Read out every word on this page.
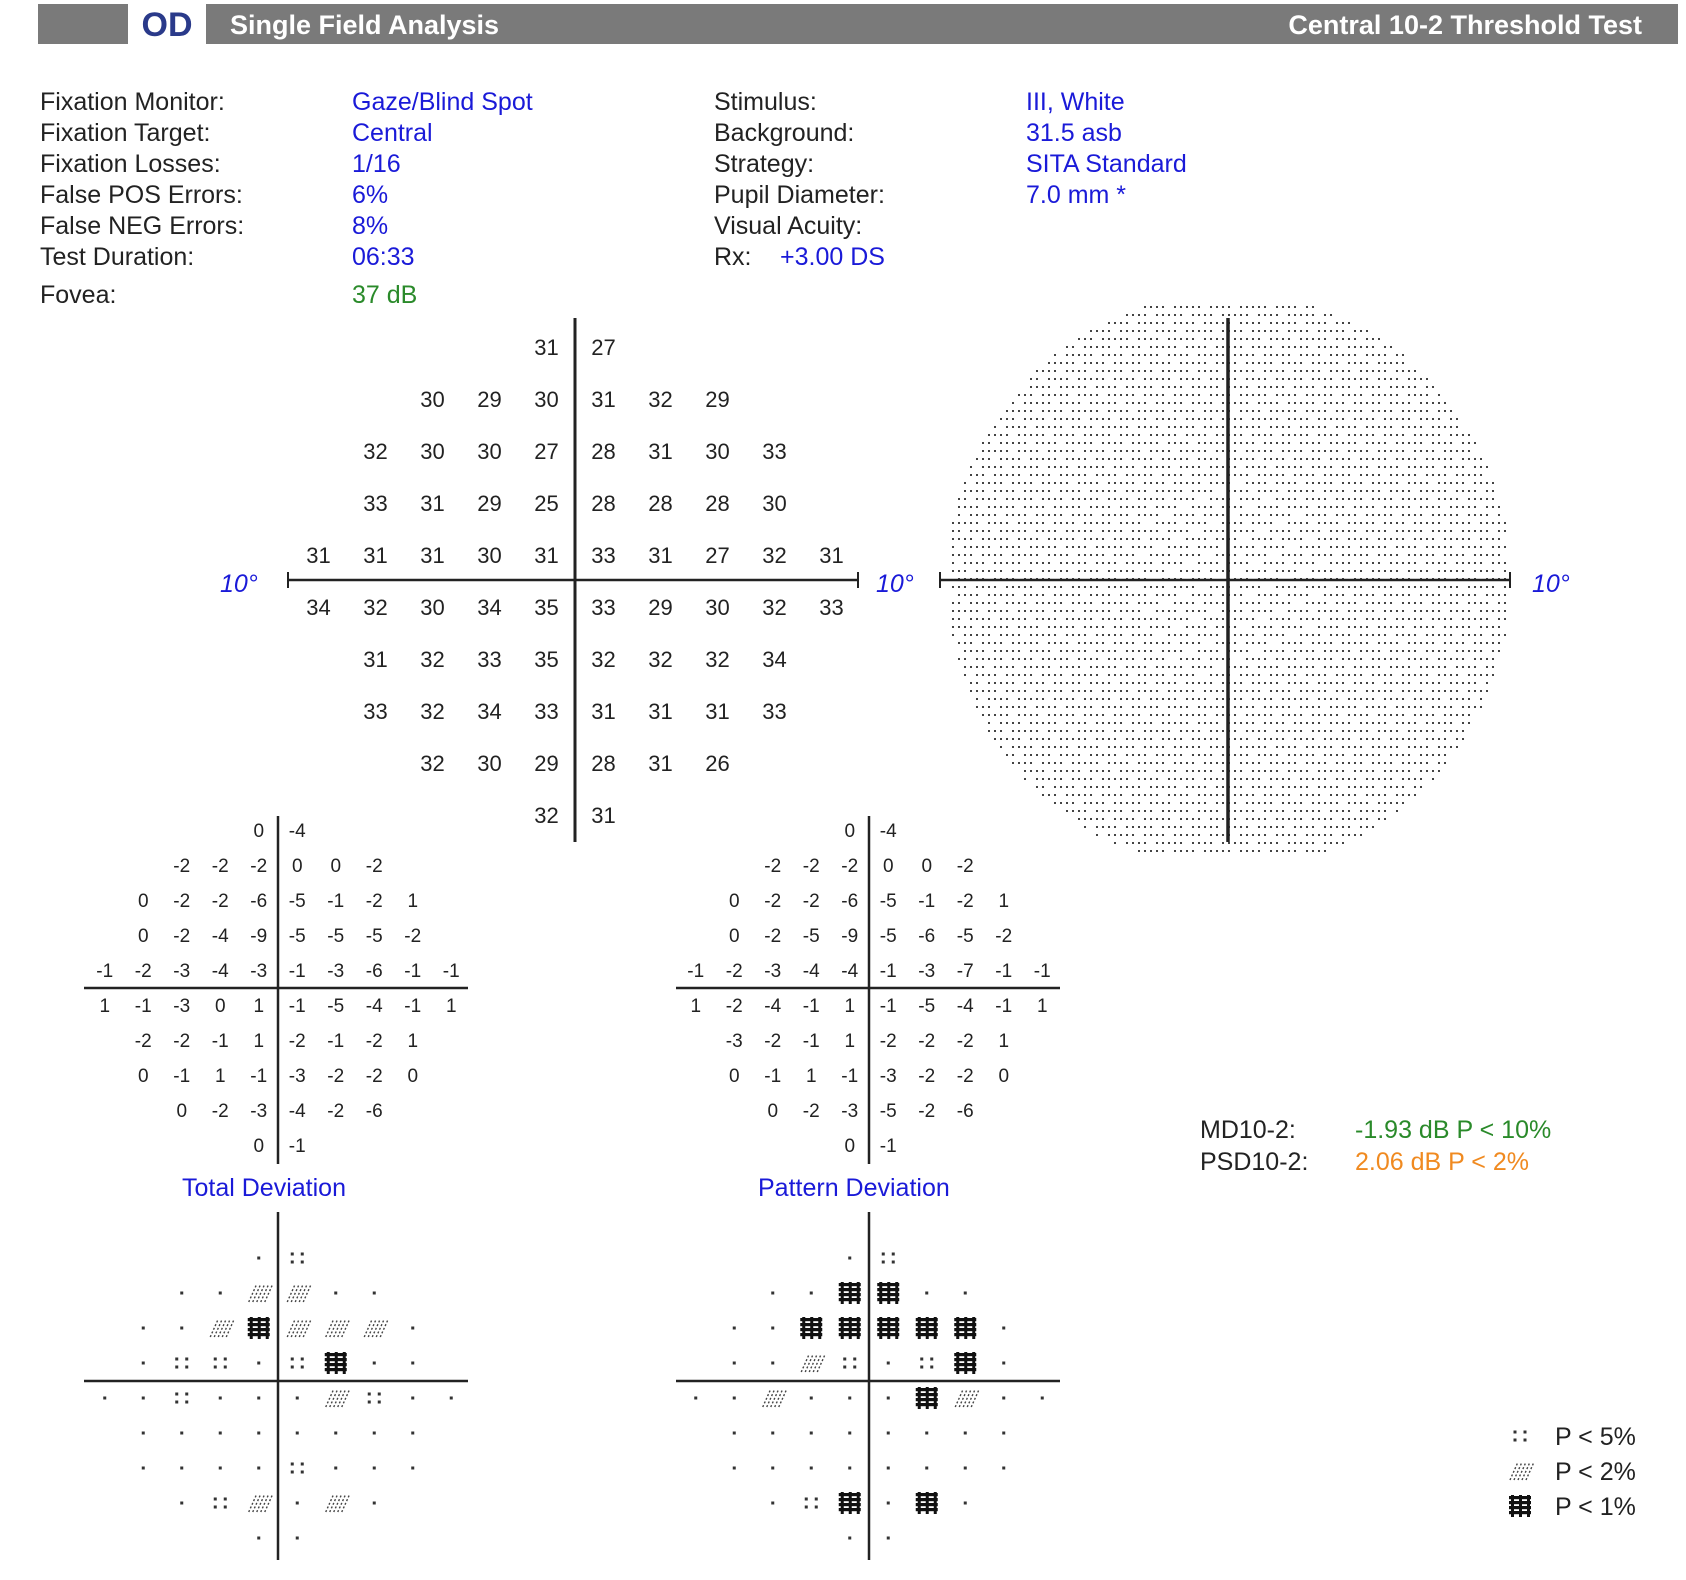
OD	Single Field Analysis	Central 10-2 Threshold Test
Fixation Monitor:	Gaze/Blind Spot
Fixation Target:	Central
Fixation Losses:	1/16
False POS Errors:	6%
False NEG Errors:	8%
Test Duration:	06:33
Fovea:	37 dB
Stimulus:	III, White
Background:	31.5 asb
Strategy:	SITA Standard
Pupil Diameter:	7.0 mm *
Visual Acuity:
Rx: +3.00 DS
10°	10°	10°
31	27
30	29	30	31	32	29
32	30	30	27	28	31	30	33
33	31	29	25	28	28	28	30
31	31	31	30	31	33	31	27	32	31
34	32	30	34	35	33	29	30	32	33
31	32	33	35	32	32	32	34
33	32	34	33	31	31	31	33
32	30	29	28	31	26
32	31
0	-4
-2	-2	-2	0	0	-2
0	-2	-2	-6	-5	-1	-2	1
0	-2	-4	-9	-5	-5	-5	-2
-1	-2	-3	-4	-3	-1	-3	-6	-1	-1
1	-1	-3	0	1	-1	-5	-4	-1	1
-2	-2	-1	1	-2	-1	-2	1
0	-1	1	-1	-3	-2	-2	0
0	-2	-3	-4	-2	-6
0	-1
0	-4
-2	-2	-2	0	0	-2
0	-2	-2	-6	-5	-1	-2	1
0	-2	-5	-9	-5	-6	-5	-2
-1	-2	-3	-4	-4	-1	-3	-7	-1	-1
1	-2	-4	-1	1	-1	-5	-4	-1	1
-3	-2	-1	1	-2	-2	-2	1
0	-1	1	-1	-3	-2	-2	0
0	-2	-3	-5	-2	-6
0	-1
Total Deviation	Pattern Deviation
MD10-2: -1.93 dB P < 10%
PSD10-2: 2.06 dB P < 2%
P < 5%
P < 2%
P < 1%
